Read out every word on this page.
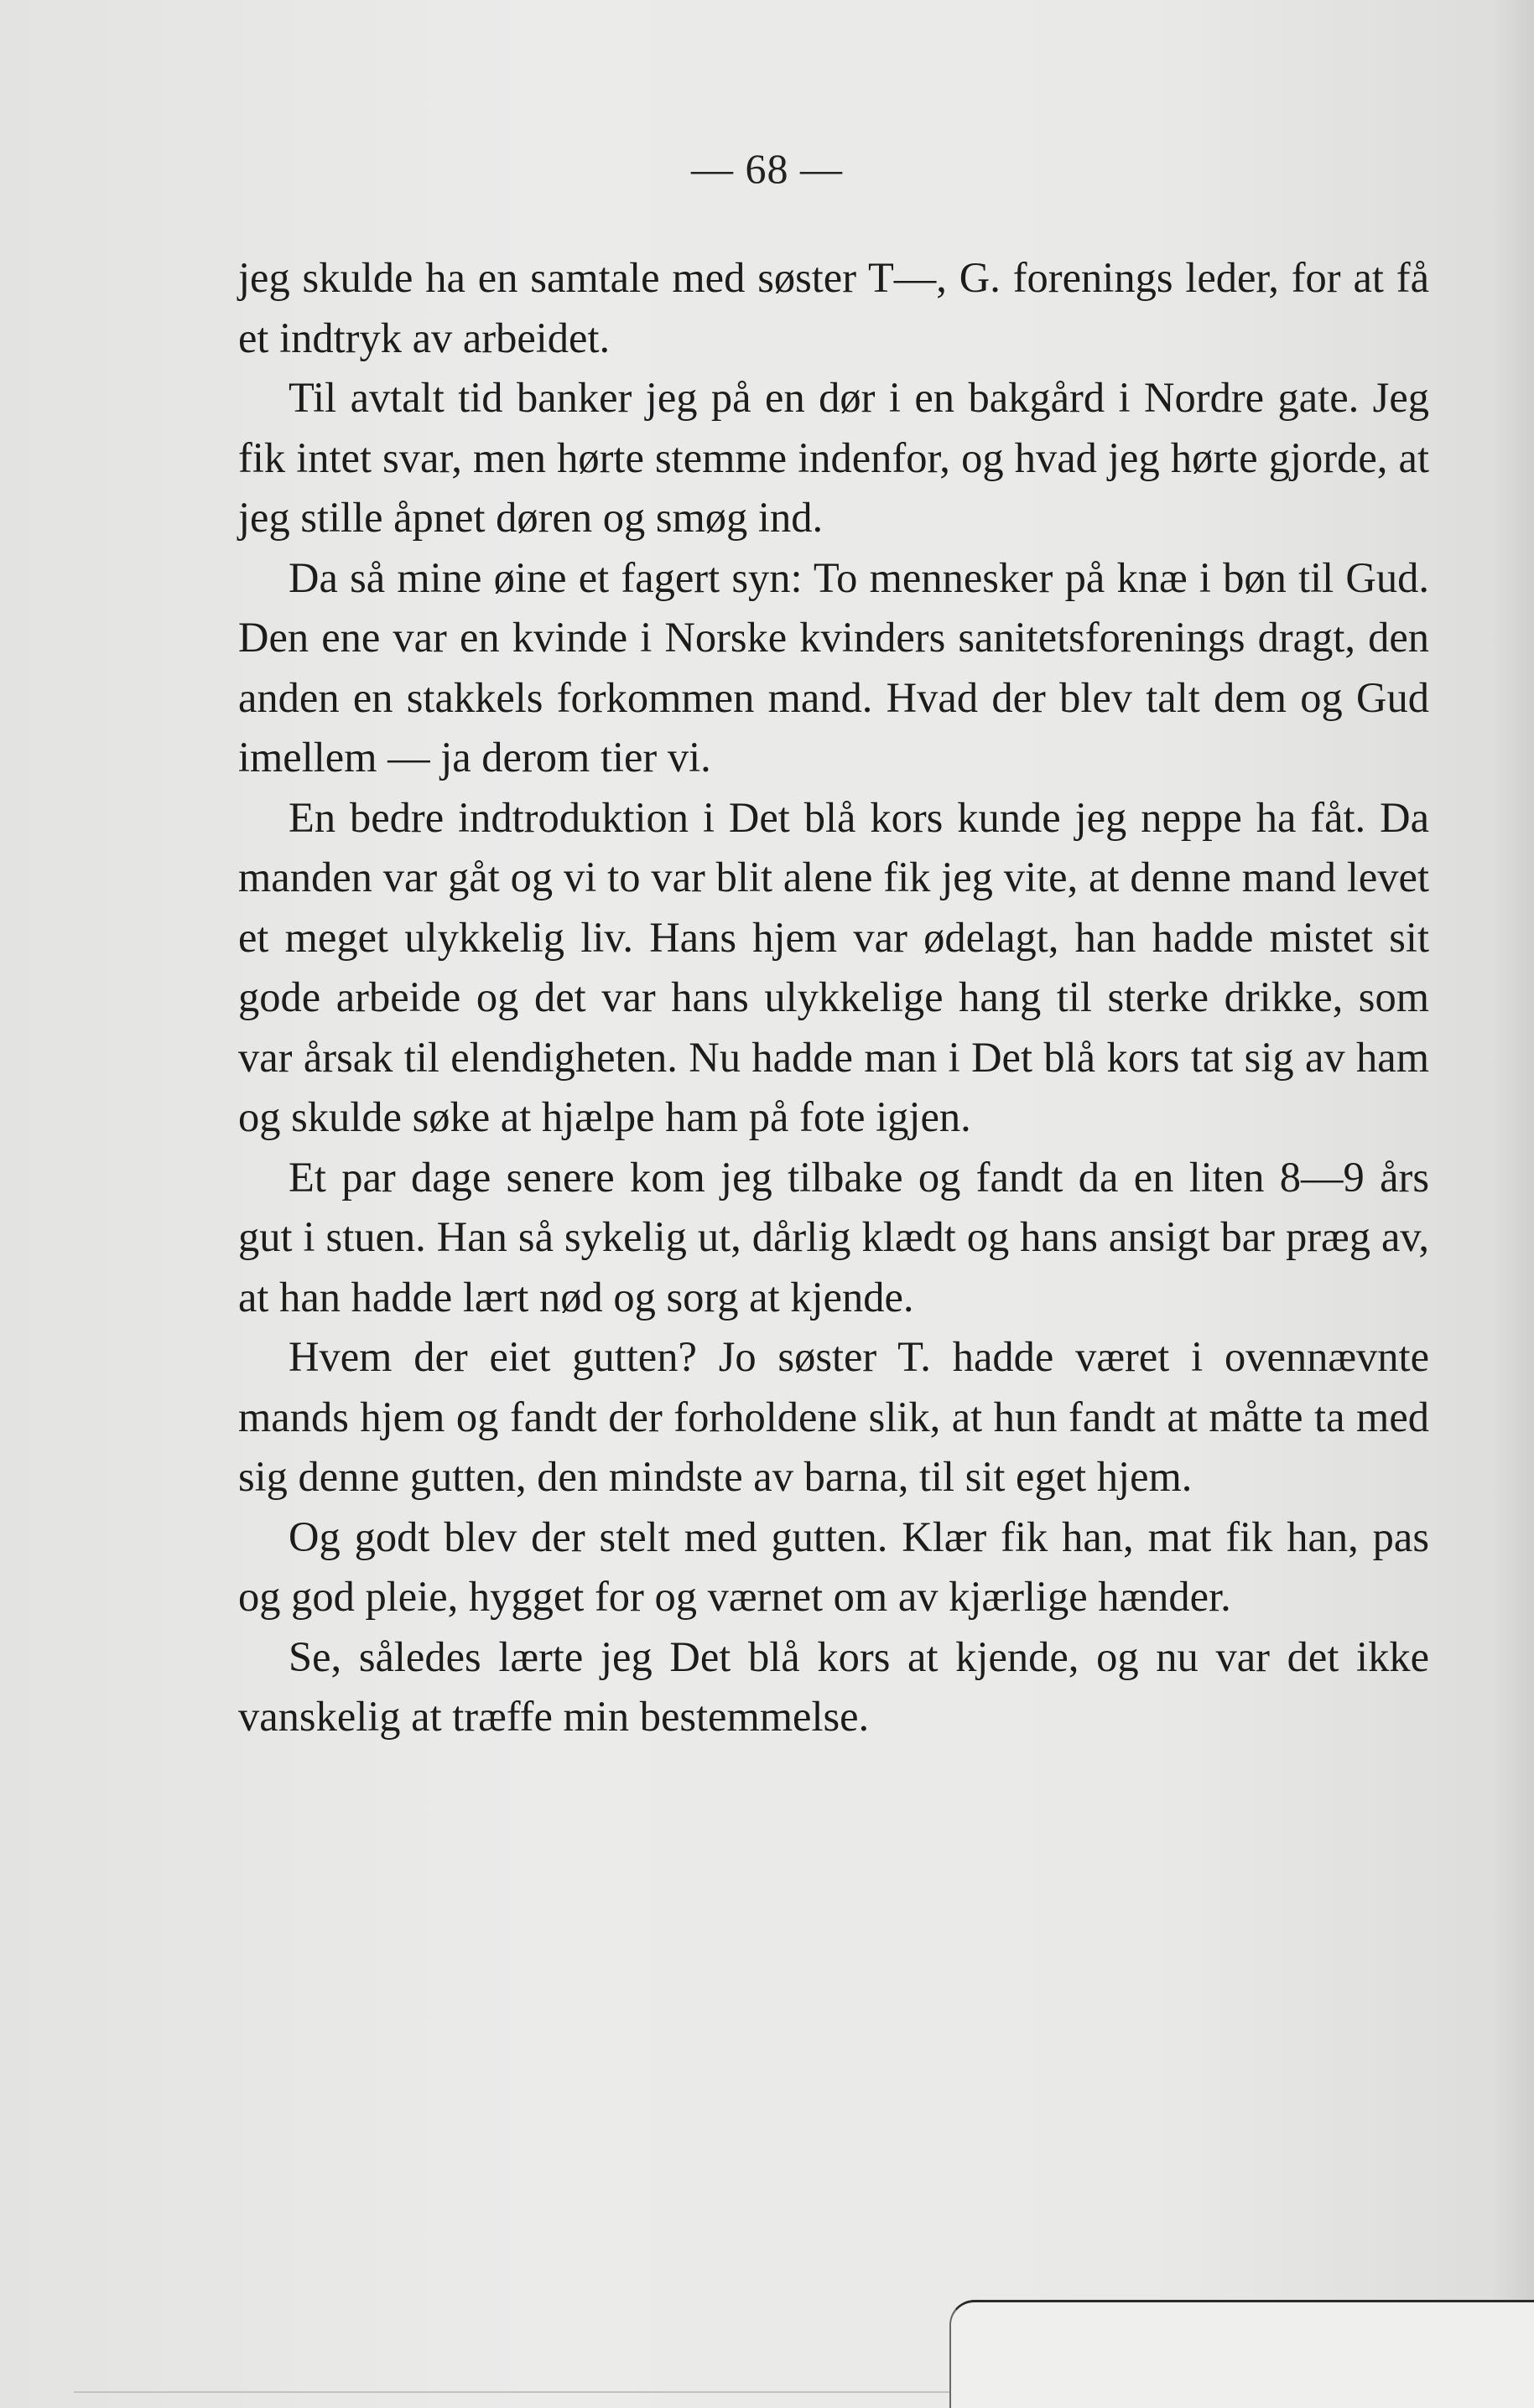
— 68 —

jeg skulde ha en samtale med søster T—, G. forenings leder, for at få et indtryk av arbeidet.

Til avtalt tid banker jeg på en dør i en bakgård i Nordre gate. Jeg fik intet svar, men hørte stemme indenfor, og hvad jeg hørte gjorde, at jeg stille åpnet døren og smøg ind.

Da så mine øine et fagert syn: To mennesker på knæ i bøn til Gud. Den ene var en kvinde i Norske kvinders sanitetsforenings dragt, den anden en stakkels forkommen mand. Hvad der blev talt dem og Gud imellem — ja derom tier vi.

En bedre indtroduktion i Det blå kors kunde jeg neppe ha fåt. Da manden var gåt og vi to var blit alene fik jeg vite, at denne mand levet et meget ulykkelig liv. Hans hjem var ødelagt, han hadde mistet sit gode arbeide og det var hans ulykkelige hang til sterke drikke, som var årsak til elendigheten. Nu hadde man i Det blå kors tat sig av ham og skulde søke at hjælpe ham på fote igjen.

Et par dage senere kom jeg tilbake og fandt da en liten 8—9 års gut i stuen. Han så sykelig ut, dårlig klædt og hans ansigt bar præg av, at han hadde lært nød og sorg at kjende.

Hvem der eiet gutten? Jo søster T. hadde været i ovennævnte mands hjem og fandt der forholdene slik, at hun fandt at måtte ta med sig denne gutten, den mindste av barna, til sit eget hjem.

Og godt blev der stelt med gutten. Klær fik han, mat fik han, pas og god pleie, hygget for og værnet om av kjærlige hænder.

Se, således lærte jeg Det blå kors at kjende, og nu var det ikke vanskelig at træffe min bestemmelse.
